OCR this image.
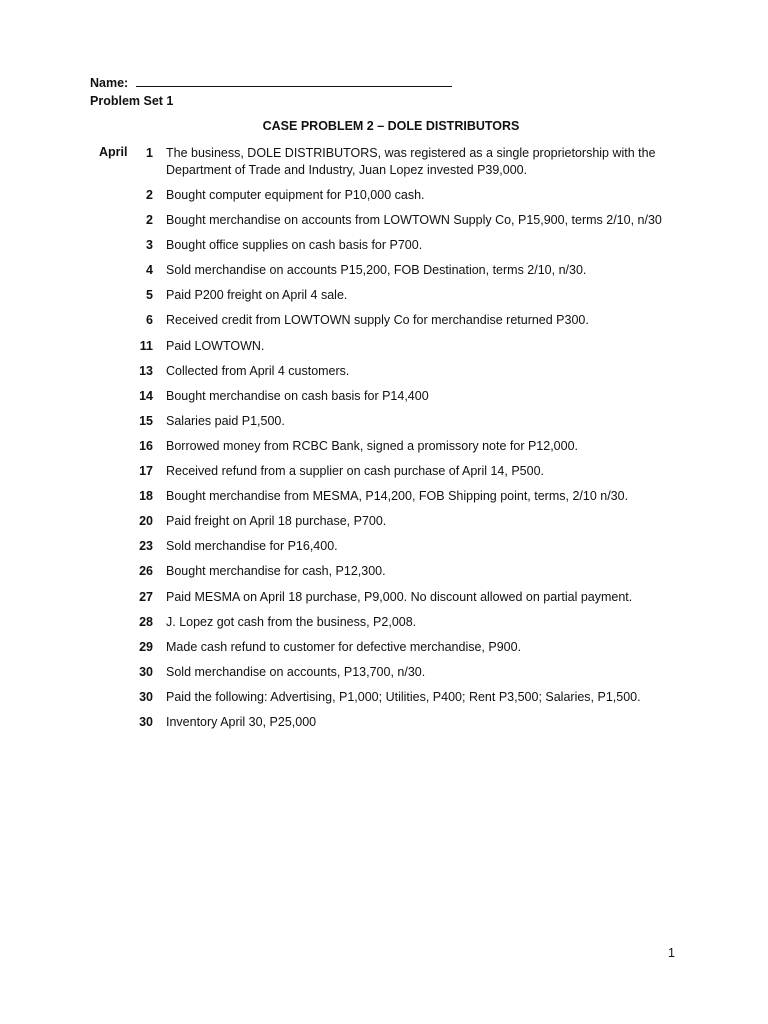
Name:
Problem Set 1
CASE PROBLEM 2 – DOLE DISTRIBUTORS
April	1 The business, DOLE DISTRIBUTORS, was registered as a single proprietorship with the Department of Trade and Industry, Juan Lopez invested P39,000.
2 Bought computer equipment for P10,000 cash.
2 Bought merchandise on accounts from LOWTOWN Supply Co, P15,900, terms 2/10, n/30
3 Bought office supplies on cash basis for P700.
4 Sold merchandise on accounts P15,200, FOB Destination, terms 2/10, n/30.
5 Paid P200 freight on April 4 sale.
6 Received credit from LOWTOWN supply Co for merchandise returned P300.
11 Paid LOWTOWN.
13 Collected from April 4 customers.
14 Bought merchandise on cash basis for P14,400
15 Salaries paid P1,500.
16 Borrowed money from RCBC Bank, signed a promissory note for P12,000.
17 Received refund from a supplier on cash purchase of April 14, P500.
18 Bought merchandise from MESMA, P14,200, FOB Shipping point, terms, 2/10 n/30.
20 Paid freight on April 18 purchase, P700.
23 Sold merchandise for P16,400.
26 Bought merchandise for cash, P12,300.
27 Paid MESMA on April 18 purchase, P9,000. No discount allowed on partial payment.
28 J. Lopez got cash from the business, P2,008.
29 Made cash refund to customer for defective merchandise, P900.
30 Sold merchandise on accounts, P13,700, n/30.
30 Paid the following: Advertising, P1,000; Utilities, P400; Rent P3,500; Salaries, P1,500.
30 Inventory April 30, P25,000
1
